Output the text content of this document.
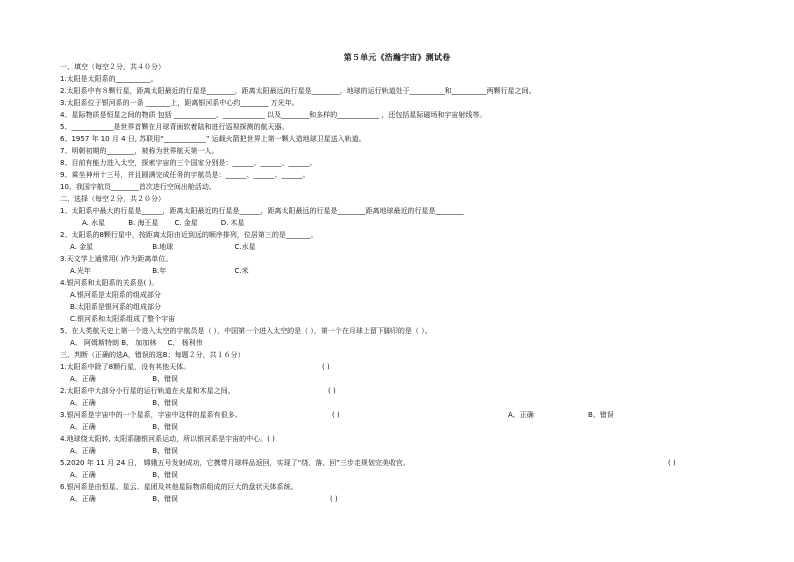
第５单元《浩瀚宇宙》测试卷
一、填空（每空２分，共４０分）
1.太阳是太阳系的__________。
2.太阳系中有８颗行星，距离太阳最近的行星是________，距离太阳最远的行星是________，地球的运行轨道处于__________和__________两颗行星之间。
3.太阳系位于银河系的一条 _______上，距离银河系中心约________ 万光年。
4、星际物质是恒星之间的物质 包括 ____________、____________ 以及________和多样的____________ ，还包括星际磁场和宇宙射线等。
5、____________是世界首颗在月球背面软着陆和进行巡视探测的航天器。
6、1957 年 10 月 4 日, 苏联用“____________” 运载火箭把世界上第一颗人造地球卫星送入轨道。
7、明朝初期的________，被称为世界航天第一人。
8、目前有能力进入太空，探索宇宙的三个国家分别是：______、______、______。
9、乘坐神州十三号，并且圆满完成任务的宇航员是：______、______、______。
10、我国宇航员________首次进行空间出舱活动。
二、选择（每空２分，共２０分）
1、太阳系中最大的行星是______，距离太阳最近的行星是______，距离太阳最远的行星是________距离地球最近的行星是________
A. 水星	B. 海王星 C. 金星	D. 木星
2、太阳系的8颗行星中，按距离太阳由近到远的顺序排列，位居第三的是_______。
A. 金星	B.地球	C.水星
3.天文学上通常用( )作为距离单位。
A.光年	B.年	C.米
4.银河系和太阳系的关系是( )。
A.银河系是太阳系的组成部分
B.太阳系是银河系的组成部分
C.银河系和太阳系组成了整个宇宙
5、在人类航天史上第一个进入太空的宇航员是（ ），中国第一个进入太空的是（ ），第一个在月球上留下脚印的是（ ）。
A、 阿姆斯特朗 B、 加加林 C、 杨利伟
三、判断（正确的选A，错误的选B；每题２分，共１６分）
1.太阳系中除了8颗行星，没有其他天体。	( )
A、正确	B、错误
2.太阳系中大部分小行星的运行轨道在火星和木星之间。	( )
A、正确	B、错误
3.银河系是宇宙中的一个星系，宇宙中这样的星系有很多。	( )	A、正确	B、错误
A、正确	B、错误
4.地球绕太阳转, 太阳系随银河系运动，所以银河系是宇宙的中心。( )
A、正确	B、错误
5.2020 年 11 月 24 日， 嫦娥五号发射成功，它携带月球样品返回，实现了“绕、落、回”三步走规划完美收官。	( )
A、正确	B、错误
6.银河系是由恒星、星云、星团及其他星际物质组成的巨大的盘状天体系统。
A、正确	B、错误	( )
